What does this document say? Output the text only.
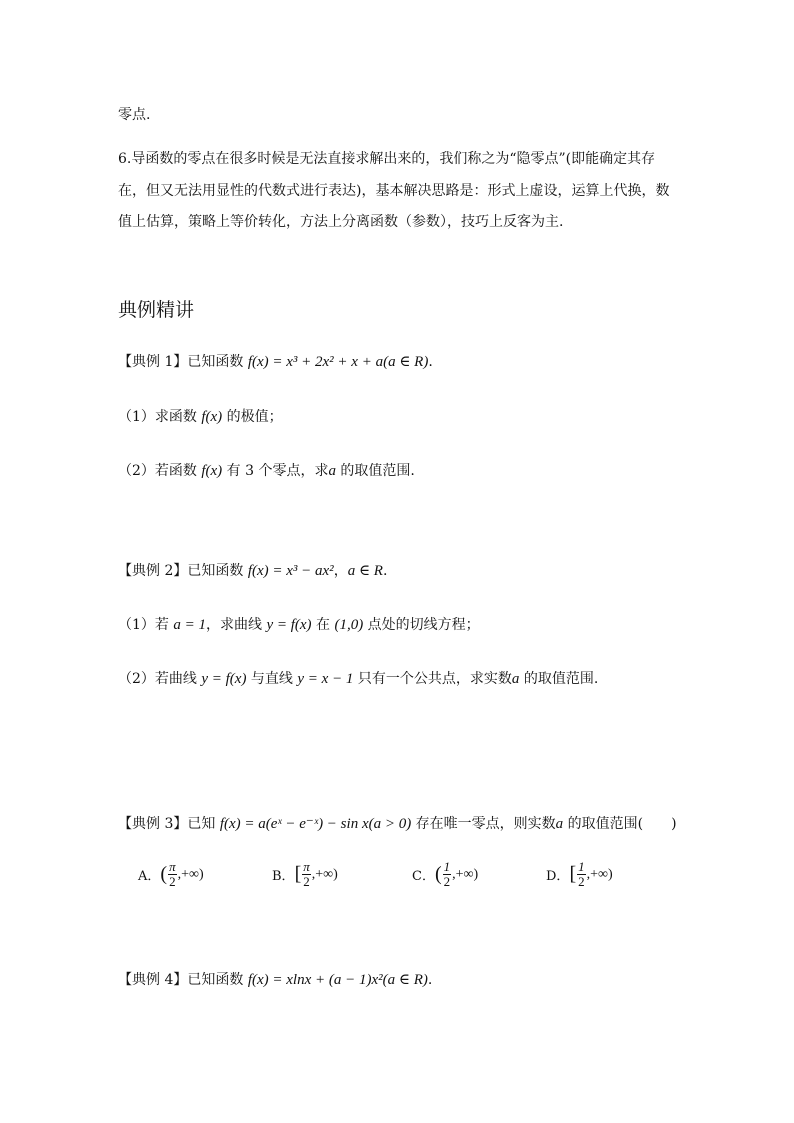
零点.
6.导函数的零点在很多时候是无法直接求解出来的，我们称之为“隐零点”(即能确定其存
在，但又无法用显性的代数式进行表达)，基本解决思路是：形式上虚设，运算上代换，数
值上估算，策略上等价转化，方法上分离函数（参数），技巧上反客为主.
典例精讲
【典例 1】已知函数 f(x) = x³ + 2x² + x + a(a ∈ R).
（1）求函数 f(x) 的极值；
（2）若函数 f(x) 有 3 个零点，求a 的取值范围.
【典例 2】已知函数 f(x) = x³ − ax²，a ∈ R.
（1）若 a = 1，求曲线 y = f(x) 在 (1,0) 点处的切线方程；
（2）若曲线 y = f(x) 与直线 y = x − 1 只有一个公共点，求实数a 的取值范围.
【典例 3】已知 f(x) = a(eˣ − e⁻ˣ) − sin x(a > 0) 存在唯一零点，则实数a 的取值范围(　　)
A． ( $\frac{\pi}{2}$ ,+∞)	B． [ $\frac{\pi}{2}$ ,+∞)	C． ( $\frac{1}{2}$ ,+∞)	D． [ $\frac{1}{2}$ ,+∞)
【典例 4】已知函数 f(x) = xlnx + (a − 1)x²(a ∈ R).
